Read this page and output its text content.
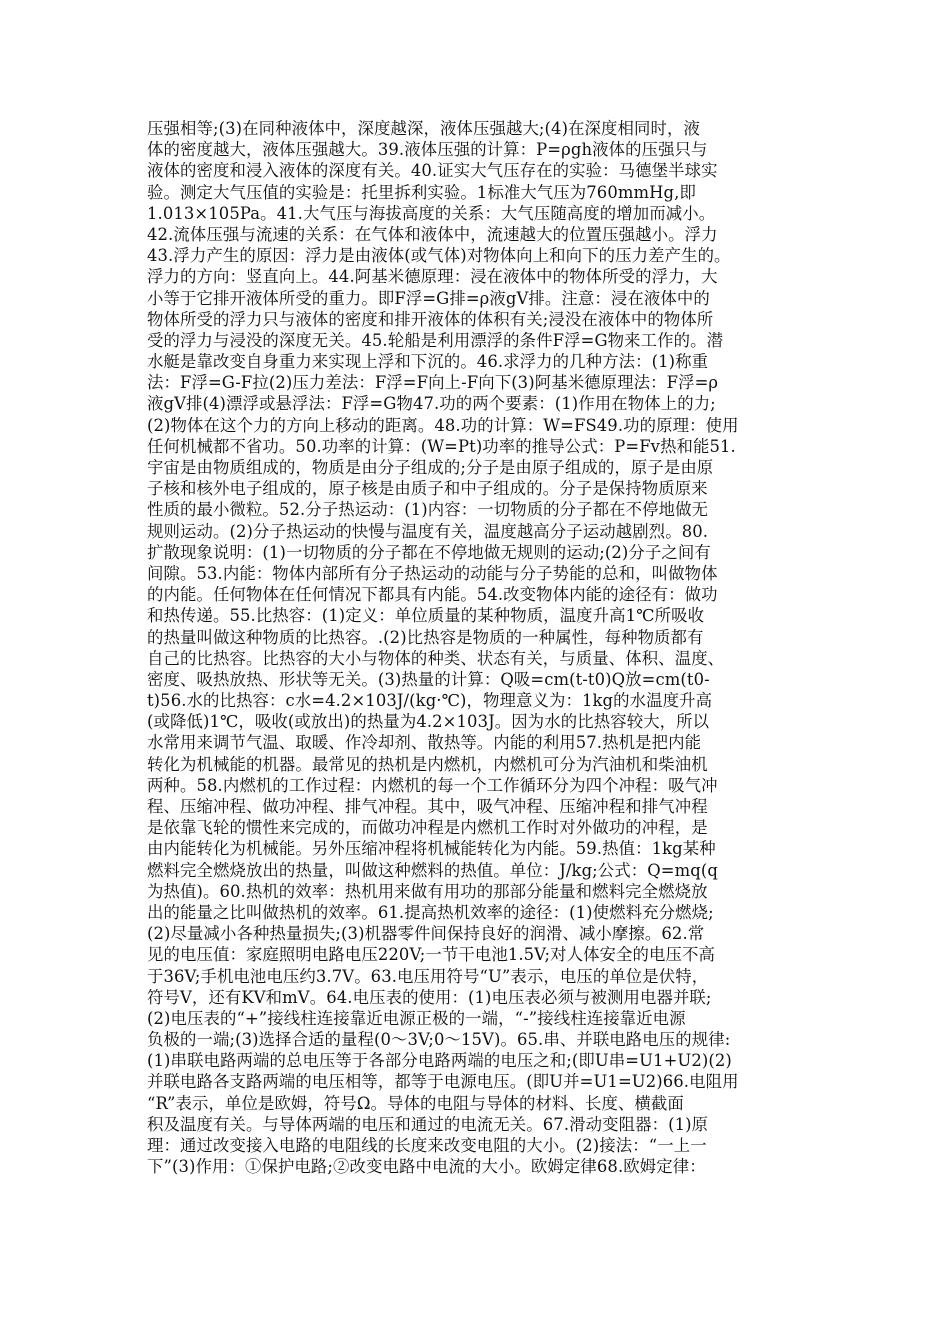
压强相等;(3)在同种液体中，深度越深，液体压强越大;(4)在深度相同时，液
体的密度越大，液体压强越大。39.液体压强的计算：P=ρgh液体的压强只与
液体的密度和浸入液体的深度有关。40.证实大气压存在的实验：马德堡半球实
验。测定大气压值的实验是：托里拆利实验。1标准大气压为760mmHg,即
1.013×105Pa。41.大气压与海拔高度的关系：大气压随高度的增加而减小。
42.流体压强与流速的关系：在气体和液体中，流速越大的位置压强越小。浮力
43.浮力产生的原因：浮力是由液体(或气体)对物体向上和向下的压力差产生的。
浮力的方向：竖直向上。44.阿基米德原理：浸在液体中的物体所受的浮力，大
小等于它排开液体所受的重力。即F浮=G排=ρ液gV排。注意：浸在液体中的
物体所受的浮力只与液体的密度和排开液体的体积有关;浸没在液体中的物体所
受的浮力与浸没的深度无关。45.轮船是利用漂浮的条件F浮=G物来工作的。潜
水艇是靠改变自身重力来实现上浮和下沉的。46.求浮力的几种方法：(1)称重
法：F浮=G-F拉(2)压力差法：F浮=F向上-F向下(3)阿基米德原理法：F浮=ρ
液gV排(4)漂浮或悬浮法：F浮=G物47.功的两个要素：(1)作用在物体上的力;
(2)物体在这个力的方向上移动的距离。48.功的计算：W=FS49.功的原理：使用
任何机械都不省功。50.功率的计算：(W=Pt)功率的推导公式：P=Fv热和能51.
宇宙是由物质组成的，物质是由分子组成的;分子是由原子组成的，原子是由原
子核和核外电子组成的，原子核是由质子和中子组成的。分子是保持物质原来
性质的最小微粒。52.分子热运动：(1)内容：一切物质的分子都在不停地做无
规则运动。(2)分子热运动的快慢与温度有关，温度越高分子运动越剧烈。80.
扩散现象说明：(1)一切物质的分子都在不停地做无规则的运动;(2)分子之间有
间隙。53.内能：物体内部所有分子热运动的动能与分子势能的总和，叫做物体
的内能。任何物体在任何情况下都具有内能。54.改变物体内能的途径有：做功
和热传递。55.比热容：(1)定义：单位质量的某种物质，温度升高1℃所吸收
的热量叫做这种物质的比热容。.(2)比热容是物质的一种属性，每种物质都有
自己的比热容。比热容的大小与物体的种类、状态有关，与质量、体积、温度、
密度、吸热放热、形状等无关。(3)热量的计算：Q吸=cm(t-t0)Q放=cm(t0-
t)56.水的比热容：c水=4.2×103J/(kg·℃)，物理意义为：1kg的水温度升高
(或降低)1℃，吸收(或放出)的热量为4.2×103J。因为水的比热容较大，所以
水常用来调节气温、取暖、作冷却剂、散热等。内能的利用57.热机是把内能
转化为机械能的机器。最常见的热机是内燃机，内燃机可分为汽油机和柴油机
两种。58.内燃机的工作过程：内燃机的每一个工作循环分为四个冲程：吸气冲
程、压缩冲程、做功冲程、排气冲程。其中，吸气冲程、压缩冲程和排气冲程
是依靠飞轮的惯性来完成的，而做功冲程是内燃机工作时对外做功的冲程，是
由内能转化为机械能。另外压缩冲程将机械能转化为内能。59.热值：1kg某种
燃料完全燃烧放出的热量，叫做这种燃料的热值。单位：J/kg;公式：Q=mq(q
为热值)。60.热机的效率：热机用来做有用功的那部分能量和燃料完全燃烧放
出的能量之比叫做热机的效率。61.提高热机效率的途径：(1)使燃料充分燃烧;
(2)尽量减小各种热量损失;(3)机器零件间保持良好的润滑、减小摩擦。62.常
见的电压值：家庭照明电路电压220V;一节干电池1.5V;对人体安全的电压不高
于36V;手机电池电压约3.7V。63.电压用符号“U”表示，电压的单位是伏特，
符号V，还有KV和mV。64.电压表的使用：(1)电压表必须与被测用电器并联;
(2)电压表的“+”接线柱连接靠近电源正极的一端，“-”接线柱连接靠近电源
负极的一端;(3)选择合适的量程(0～3V;0～15V)。65.串、并联电路电压的规律:
(1)串联电路两端的总电压等于各部分电路两端的电压之和;(即U串=U1+U2)(2)
并联电路各支路两端的电压相等，都等于电源电压。(即U并=U1=U2)66.电阻用
“R”表示，单位是欧姆，符号Ω。导体的电阻与导体的材料、长度、横截面
积及温度有关。与导体两端的电压和通过的电流无关。67.滑动变阻器：(1)原
理：通过改变接入电路的电阻线的长度来改变电阻的大小。(2)接法：“一上一
下”(3)作用：①保护电路;②改变电路中电流的大小。欧姆定律68.欧姆定律：
